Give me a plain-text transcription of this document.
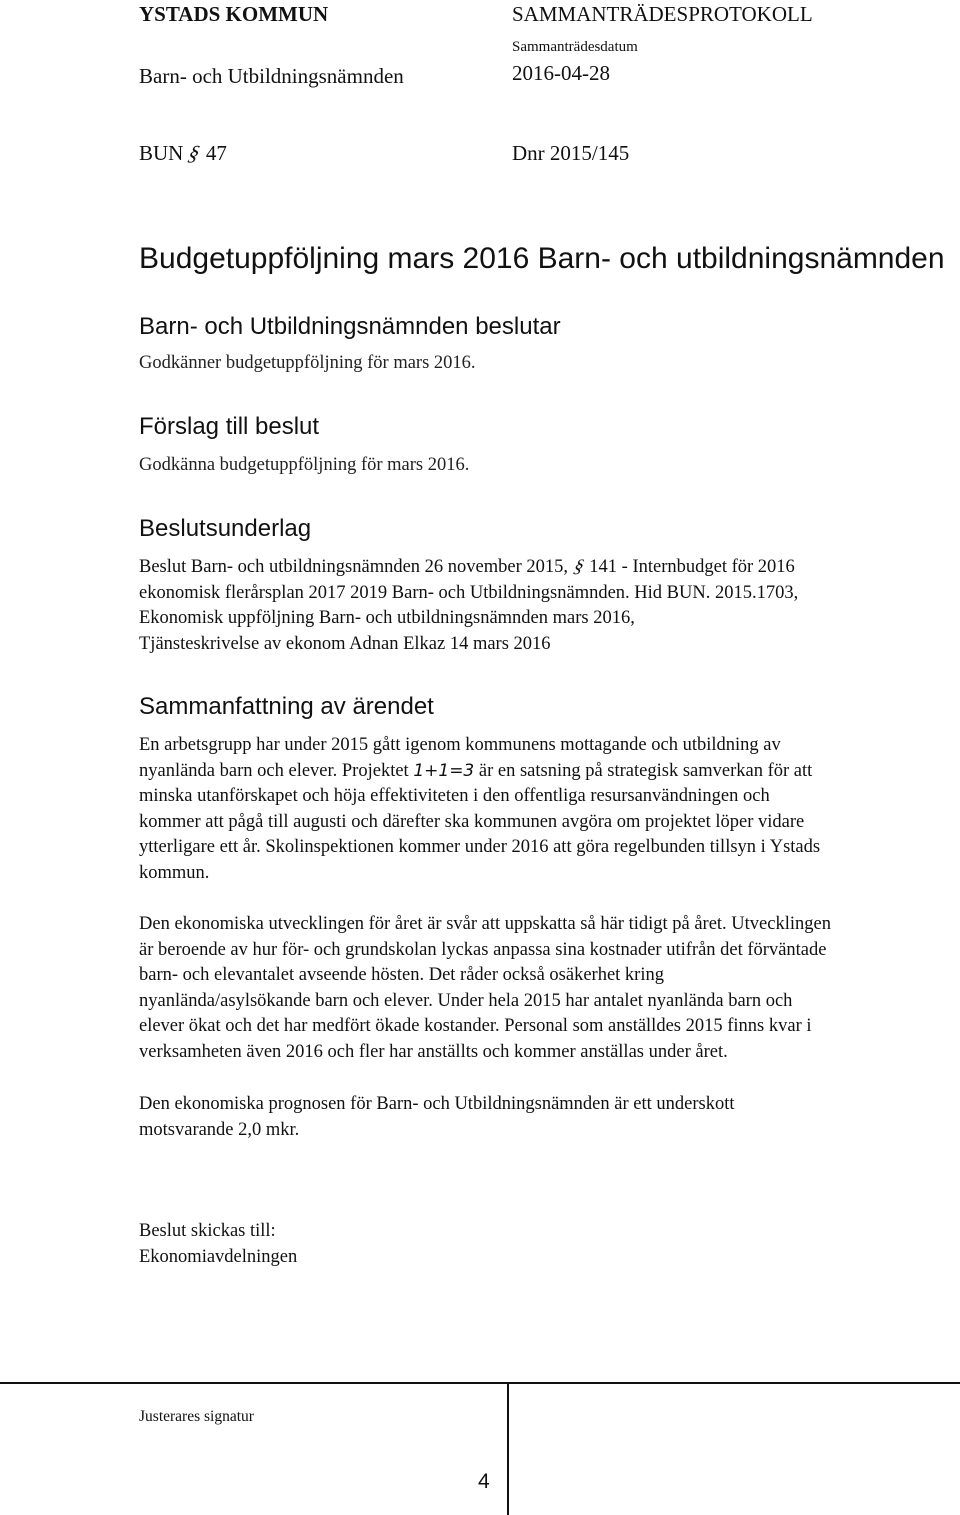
YSTADS KOMMUN
Barn- och Utbildningsnämnden
SAMMANTRÄDESPROTOKOLL
Sammanträdesdatum
2016-04-28
BUN§47	Dnr 2015/145
Budgetuppföljning mars 2016 Barn- och utbildningsnämnden
Barn- och Utbildningsnämnden beslutar
Godkänner budgetuppföljning för mars 2016.
Förslag till beslut
Godkänna budgetuppföljning för mars 2016.
Beslutsunderlag
Beslut Barn- och utbildningsnämnden 26 november 2015, §141 - Internbudget för 2016
ekonomisk flerårsplan 2017 2019 Barn- och Utbildningsnämnden. Hid BUN. 2015.1703,
Ekonomisk uppföljning Barn- och utbildningsnämnden mars 2016,
Tjänsteskrivelse av ekonom Adnan Elkaz 14 mars 2016
Sammanfattning av ärendet
En arbetsgrupp har under 2015 gått igenom kommunens mottagande och utbildning av
nyanlända barn och elever. Projektet 1+1=3 är en satsning på strategisk samverkan för att
minska utanförskapet och höja effektiviteten i den offentliga resursanvändningen och
kommer att pågå till augusti och därefter ska kommunen avgöra om projektet löper vidare
ytterligare ett år. Skolinspektionen kommer under 2016 att göra regelbunden tillsyn i Ystads
kommun.
Den ekonomiska utvecklingen för året är svår att uppskatta så här tidigt på året. Utvecklingen
är beroende av hur för- och grundskolan lyckas anpassa sina kostnader utifrån det förväntade
barn- och elevantalet avseende hösten. Det råder också osäkerhet kring
nyanlända/asylsökande barn och elever. Under hela 2015 har antalet nyanlända barn och
elever ökat och det har medfört ökade kostander. Personal som anställdes 2015 finns kvar i
verksamheten även 2016 och fler har anställts och kommer anställas under året.
Den ekonomiska prognosen för Barn- och Utbildningsnämnden är ett underskott
motsvarande 2,0 mkr.
Beslut skickas till:
Ekonomiavdelningen
Justerares signatur
4
